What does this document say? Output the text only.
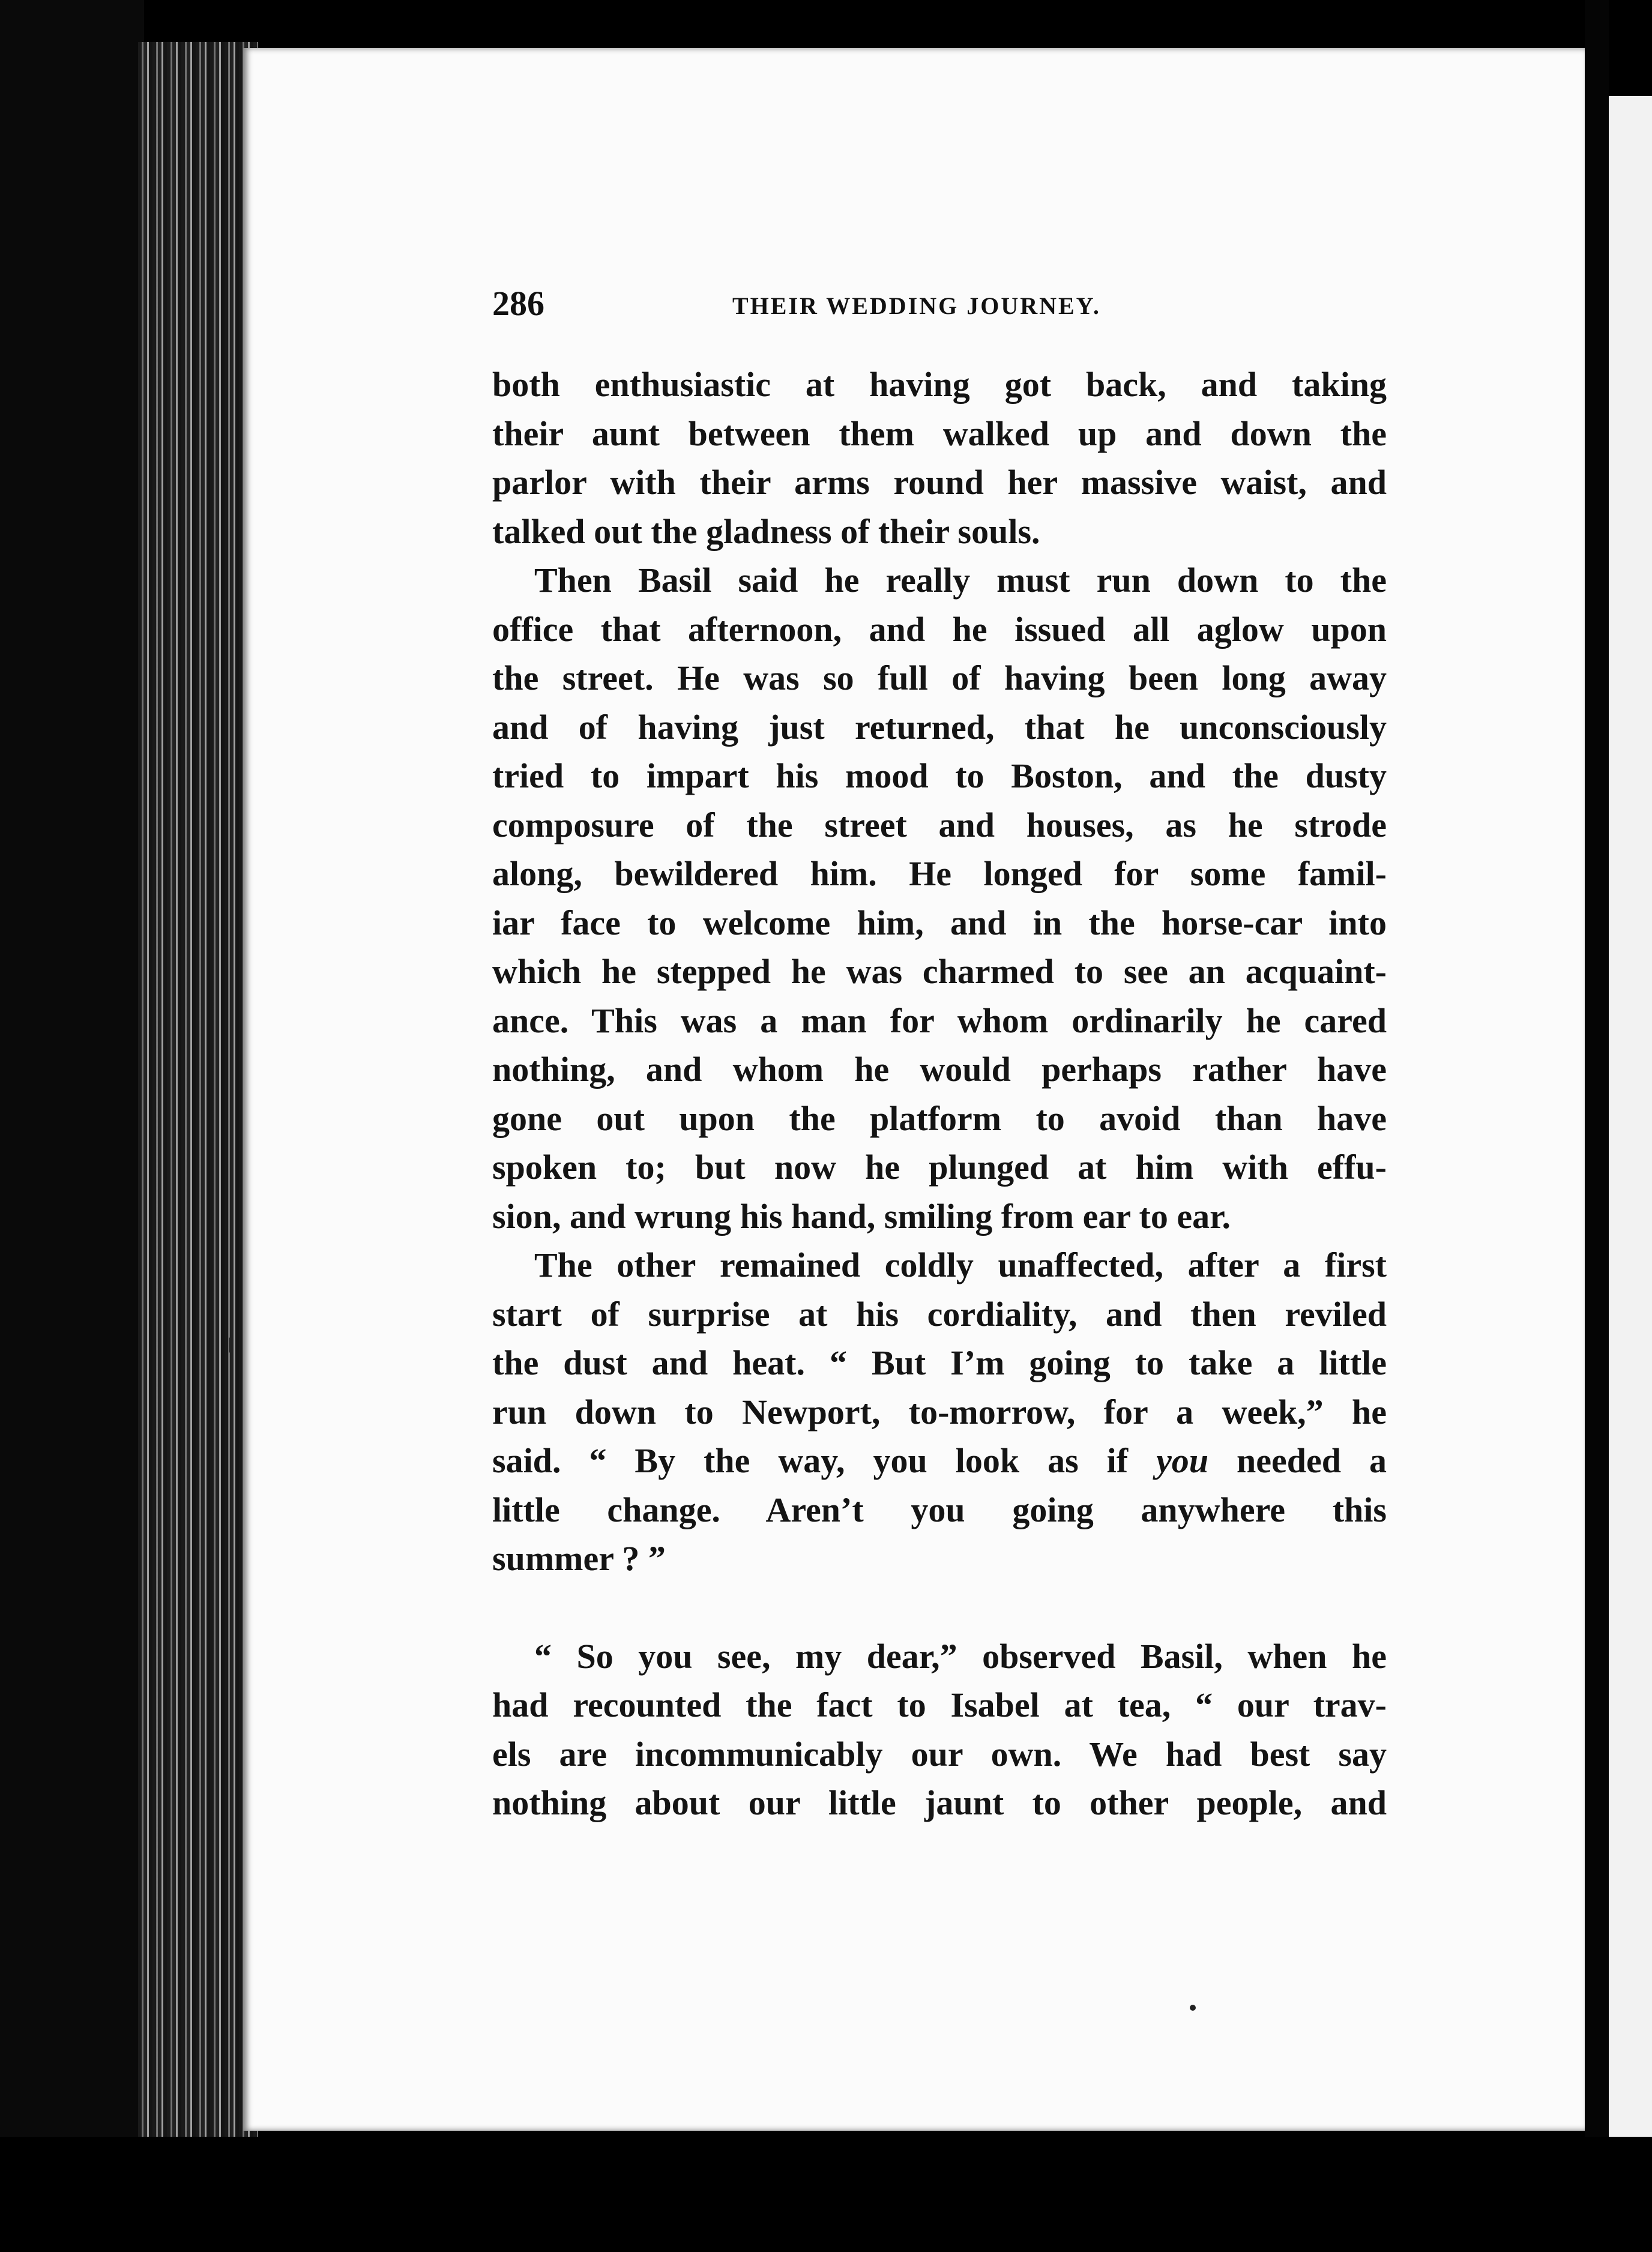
286	THEIR WEDDING JOURNEY.
both enthusiastic at having got back, and taking
their aunt between them walked up and down the
parlor with their arms round her massive waist, and
talked out the gladness of their souls.
Then Basil said he really must run down to the
office that afternoon, and he issued all aglow upon
the street. He was so full of having been long away
and of having just returned, that he unconsciously
tried to impart his mood to Boston, and the dusty
composure of the street and houses, as he strode
along, bewildered him. He longed for some famil-
iar face to welcome him, and in the horse-car into
which he stepped he was charmed to see an acquaint-
ance. This was a man for whom ordinarily he cared
nothing, and whom he would perhaps rather have
gone out upon the platform to avoid than have
spoken to; but now he plunged at him with effu-
sion, and wrung his hand, smiling from ear to ear.
The other remained coldly unaffected, after a first
start of surprise at his cordiality, and then reviled
the dust and heat. “ But I’m going to take a little
run down to Newport, to-morrow, for a week,” he
said. “ By the way, you look as if you needed a
little change. Aren’t you going anywhere this
summer ? ”
“ So you see, my dear,” observed Basil, when he
had recounted the fact to Isabel at tea, “ our trav-
els are incommunicably our own. We had best say
nothing about our little jaunt to other people, and
